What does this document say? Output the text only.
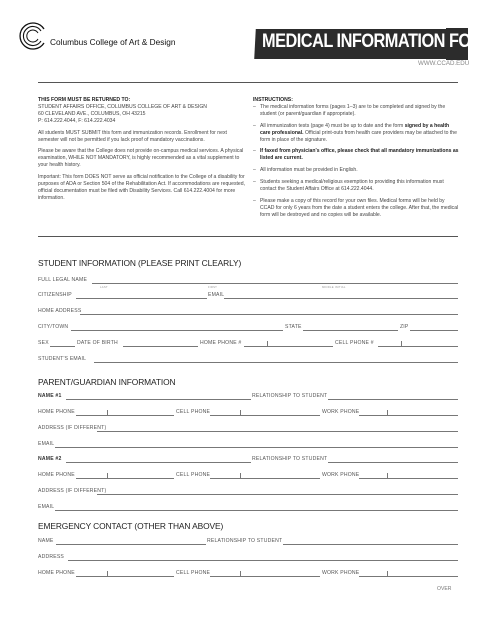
Columbus College of Art & Design	MEDICAL INFORMATION FORM
WWW.CCAD.EDU

THIS FORM MUST BE RETURNED TO:

STUDENT AFFAIRS OFFICE, COLUMBUS COLLEGE OF ART & DESIGN

60 CLEVELAND AVE., COLUMBUS, OH 43215

P: 614.222.4044, F: 614.222.4034

All students MUST SUBMIT this form and immunization records. Enrollment for next semester will not be permitted if you lack proof of mandatory vaccinations.

Please be aware that the College does not provide on-campus medical services. A physical examination, WHILE NOT MANDATORY, is highly recommended as a vital supplement to your health history.

Important: This form DOES NOT serve as official notification to the College of a disability for purposes of ADA or Section 504 of the Rehabilitation Act. If accommodations are requested, official documentation must be filed with Disability Services. Call 614.222.4004 for more information.

INSTRUCTIONS:

– The medical information forms (pages 1–3) are to be completed and signed by the student (or parent/guardian if appropriate).
– All immunization tests (page 4) must be up to date and the form signed by a health care professional. Official print-outs from health care providers may be attached to the form in place of the signature.
– If faxed from physician's office, please check that all mandatory immunizations as listed are current.
– All information must be provided in English.
– Students seeking a medical/religious exemption to providing this information must contact the Student Affairs Office at 614.222.4044.
– Please make a copy of this record for your own files. Medical forms will be held by CCAD for only 6 years from the date a student enters the college. After that, the medical form will be destroyed and no copies will be available.
STUDENT INFORMATION (PLEASE PRINT CLEARLY)
FULL LEGAL NAME
LAST	FIRST	MIDDLE INITIAL
CITIZENSHIP	EMAIL
HOME ADDRESS
CITY/TOWN	STATE	ZIP
SEX	DATE OF BIRTH	HOME PHONE #	CELL PHONE #
STUDENT'S EMAIL
PARENT/GUARDIAN INFORMATION
NAME #1	RELATIONSHIP TO STUDENT
HOME PHONE	CELL PHONE	WORK PHONE
ADDRESS (IF DIFFERENT)
EMAIL
NAME #2	RELATIONSHIP TO STUDENT
HOME PHONE	CELL PHONE	WORK PHONE
ADDRESS (IF DIFFERENT)
EMAIL
EMERGENCY CONTACT (OTHER THAN ABOVE)
NAME	RELATIONSHIP TO STUDENT
ADDRESS
HOME PHONE	CELL PHONE	WORK PHONE
OVER
